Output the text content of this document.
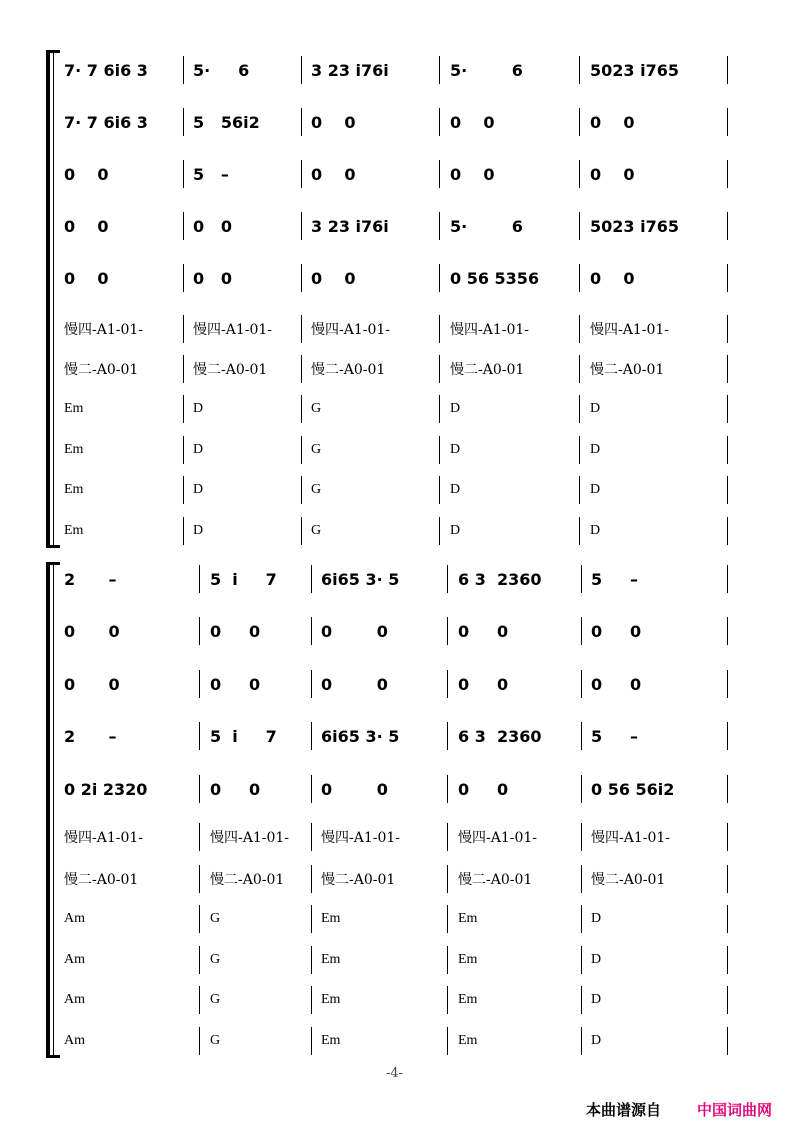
7· 7 6i6 3	5·     6	3 23 i76i	5·        6	5023 i765
7· 7 6i6 3	5   56i2	0    0	0    0	0    0
0    0	5   –	0    0	0    0	0    0
0    0	0   0	3 23 i76i	5·        6	5023 i765
0    0	0   0	0    0	0 56 5356	0    0
慢四-A1-01-	慢四-A1-01-	慢四-A1-01-	慢四-A1-01-	慢四-A1-01-
慢二-A0-01	慢二-A0-01	慢二-A0-01	慢二-A0-01	慢二-A0-01
Em	D	G	D	D
Em	D	G	D	D
Em	D	G	D	D
Em	D	G	D	D
2      –	5  i     7	6i65 3· 5	6 3  2360	5     –
0      0	0     0	0        0	0     0	0     0
0      0	0     0	0        0	0     0	0     0
2      –	5  i     7	6i65 3· 5	6 3  2360	5     –
0 2i 2320	0     0	0        0	0     0	0 56 56i2
慢四-A1-01-	慢四-A1-01- 慢四-A1-01-	慢四-A1-01-	慢四-A1-01-
慢二-A0-01	慢二-A0-01	慢二-A0-01	慢二-A0-01	慢二-A0-01
Am	G	Em	Em	D
Am	G	Em	Em	D
Am	G	Em	Em	D
Am	G	Em	Em	D
-4-
本曲谱源自 中国词曲网
